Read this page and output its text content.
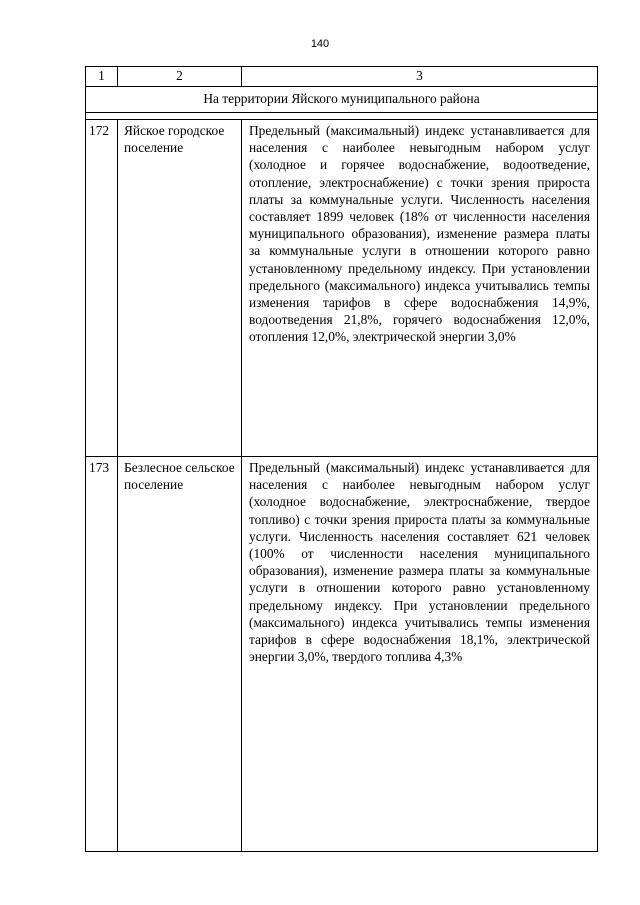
140
1	2	3
На территории Яйского муниципального района		

172	Яйское городское поселение	Предельный (максимальный) индекс устанавливается для населения с наиболее невыгодным набором услуг (холодное и горячее водоснабжение, водоотведение, отопление, электроснабжение) с точки зрения прироста платы за коммунальные услуги. Численность населения составляет 1899 человек (18% от численности населения муниципального образования), изменение размера платы за коммунальные услуги в отношении которого равно установленному предельному индексу. При установлении предельного (максимального) индекса учитывались темпы изменения тарифов в сфере водоснабжения 14,9%, водоотведения 21,8%, горячего водоснабжения 12,0%, отопления 12,0%, электрической энергии 3,0%
173	Безлесное сельское поселение	Предельный (максимальный) индекс устанавливается для населения с наиболее невыгодным набором услуг (холодное водоснабжение, электроснабжение, твердое топливо) с точки зрения прироста платы за коммунальные услуги. Численность населения составляет 621 человек (100% от численности населения муниципального образования), изменение размера платы за коммунальные услуги в отношении которого равно установленному предельному индексу. При установлении предельного (максимального) индекса учитывались темпы изменения тарифов в сфере водоснабжения 18,1%, электрической энергии 3,0%, твердого топлива 4,3%
